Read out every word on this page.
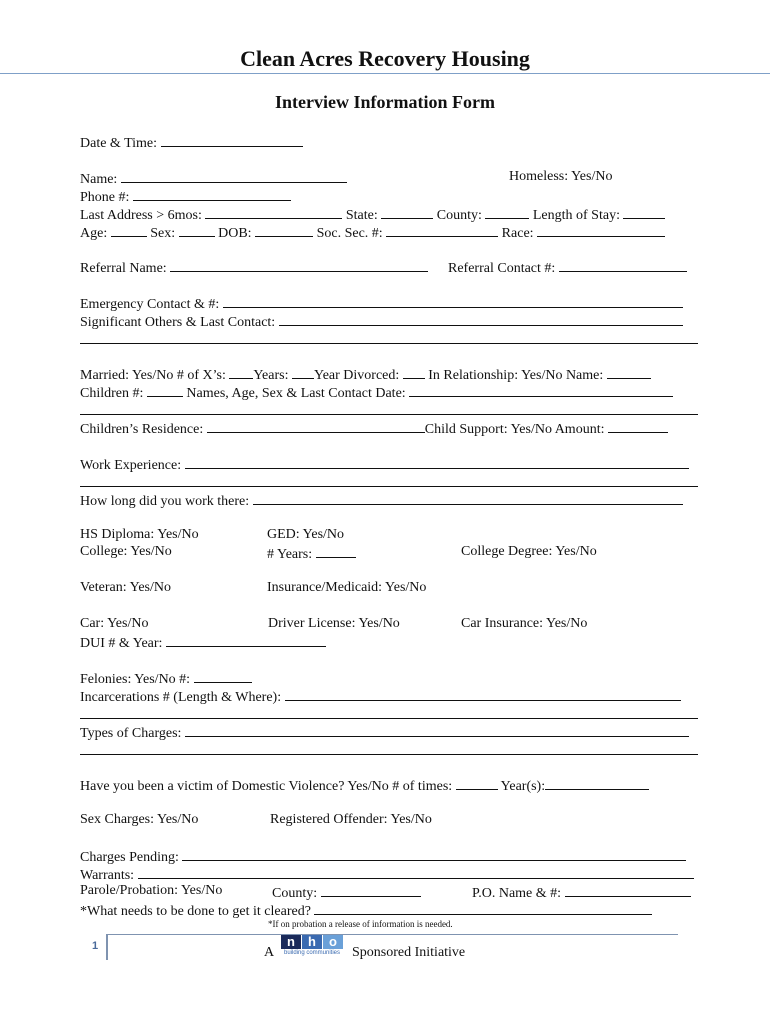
Clean Acres Recovery Housing
Interview Information Form
Date & Time:
Name:	Homeless: Yes/No
Phone #:
Last Address > 6mos:	State:	County:	Length of Stay:
Age:	Sex:	DOB:	Soc. Sec. #:	Race:
Referral Name:	Referral Contact #:
Emergency Contact & #:
Significant Others & Last Contact:
Married: Yes/No # of X’s: Years: Year Divorced: In Relationship: Yes/No Name:
Children #:	Names, Age, Sex & Last Contact Date:
Children’s Residence:	Child Support: Yes/No Amount:
Work Experience:
How long did you work there:
HS Diploma: Yes/No	GED: Yes/No
College: Yes/No	# Years:	College Degree: Yes/No
Veteran: Yes/No	Insurance/Medicaid: Yes/No
Car: Yes/No	Driver License: Yes/No	Car Insurance: Yes/No
DUI # & Year:
Felonies: Yes/No #:
Incarcerations # (Length & Where):
Types of Charges:
Have you been a victim of Domestic Violence? Yes/No # of times:	Year(s):
Sex Charges: Yes/No	Registered Offender: Yes/No
Charges Pending:
Warrants:
Parole/Probation: Yes/No	County:	P.O. Name & #:
*What needs to be done to get it cleared?
*If on probation a release of information is needed.
1	A
n	h	o
building communities Sponsored Initiative
